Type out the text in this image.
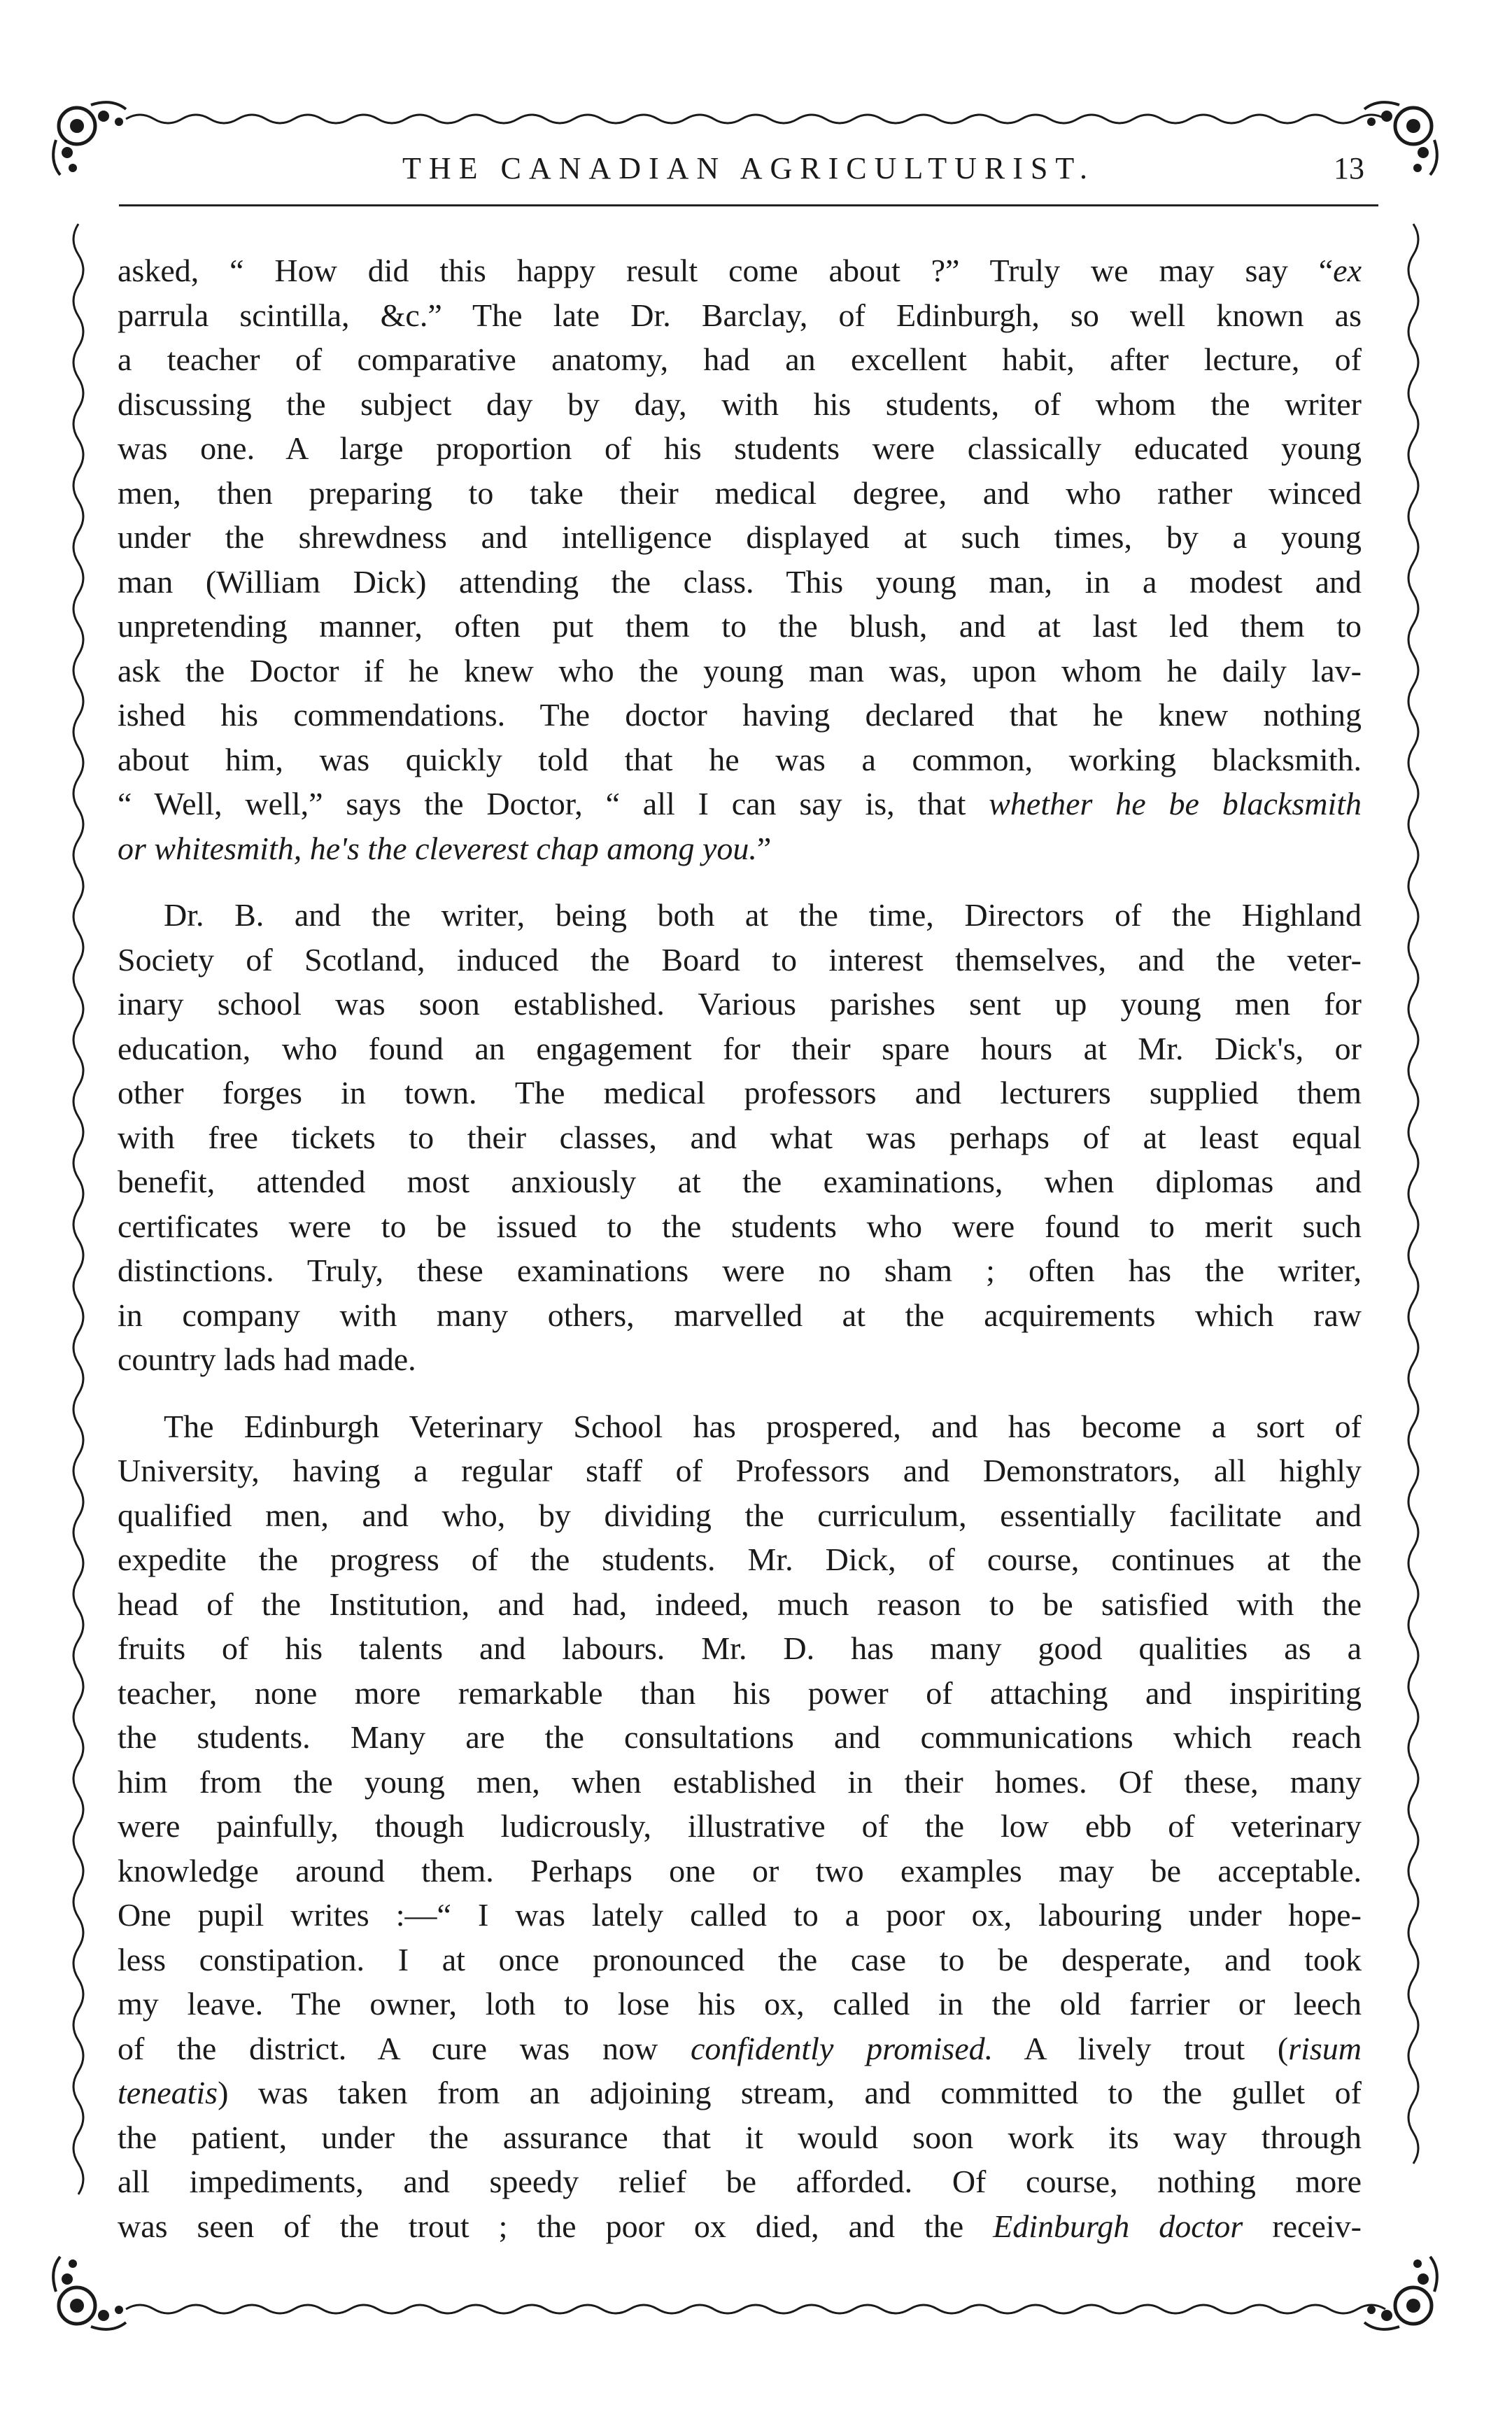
THE CANADIAN AGRICULTURIST.	13

asked, “ How did this happy result come about ?” Truly we may say “ex
parrula scintilla, &c.” The late Dr. Barclay, of Edinburgh, so well known as
a teacher of comparative anatomy, had an excellent habit, after lecture, of
discussing the subject day by day, with his students, of whom the writer
was one. A large proportion of his students were classically educated young
men, then preparing to take their medical degree, and who rather winced
under the shrewdness and intelligence displayed at such times, by a young
man (William Dick) attending the class. This young man, in a modest and
unpretending manner, often put them to the blush, and at last led them to
ask the Doctor if he knew who the young man was, upon whom he daily lav-
ished his commendations. The doctor having declared that he knew nothing
about him, was quickly told that he was a common, working blacksmith.
“ Well, well,” says the Doctor, “ all I can say is, that whether he be blacksmith
or whitesmith, he's the cleverest chap among you.”

Dr. B. and the writer, being both at the time, Directors of the Highland
Society of Scotland, induced the Board to interest themselves, and the veter-
inary school was soon established. Various parishes sent up young men for
education, who found an engagement for their spare hours at Mr. Dick's, or
other forges in town. The medical professors and lecturers supplied them
with free tickets to their classes, and what was perhaps of at least equal
benefit, attended most anxiously at the examinations, when diplomas and
certificates were to be issued to the students who were found to merit such
distinctions. Truly, these examinations were no sham ; often has the writer,
in company with many others, marvelled at the acquirements which raw
country lads had made.

The Edinburgh Veterinary School has prospered, and has become a sort of
University, having a regular staff of Professors and Demonstrators, all highly
qualified men, and who, by dividing the curriculum, essentially facilitate and
expedite the progress of the students. Mr. Dick, of course, continues at the
head of the Institution, and had, indeed, much reason to be satisfied with the
fruits of his talents and labours. Mr. D. has many good qualities as a
teacher, none more remarkable than his power of attaching and inspiriting
the students. Many are the consultations and communications which reach
him from the young men, when established in their homes. Of these, many
were painfully, though ludicrously, illustrative of the low ebb of veterinary
knowledge around them. Perhaps one or two examples may be acceptable.
One pupil writes :—“ I was lately called to a poor ox, labouring under hope-
less constipation. I at once pronounced the case to be desperate, and took
my leave. The owner, loth to lose his ox, called in the old farrier or leech
of the district. A cure was now confidently promised. A lively trout (risum
teneatis) was taken from an adjoining stream, and committed to the gullet of
the patient, under the assurance that it would soon work its way through
all impediments, and speedy relief be afforded. Of course, nothing more
was seen of the trout ; the poor ox died, and the Edinburgh doctor receiv-
